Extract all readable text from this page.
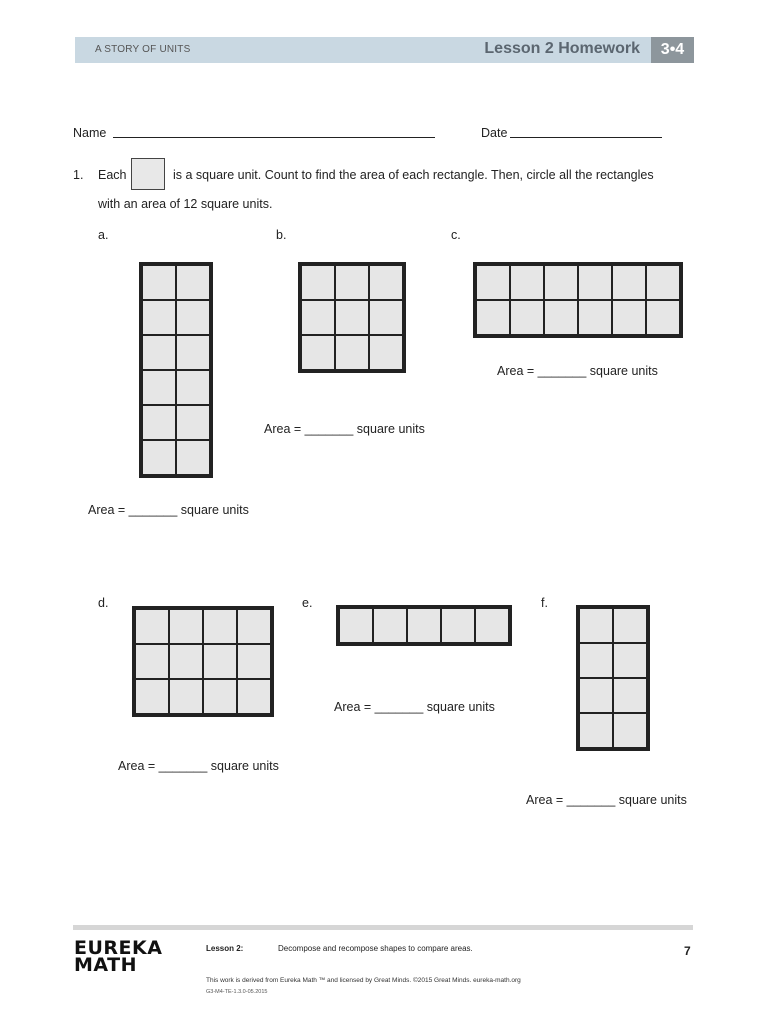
A STORY OF UNITS	Lesson 2 Homework	3•4
Name	Date
1. Each	is a square unit. Count to find the area of each rectangle. Then, circle all the rectangles
with an area of 12 square units.
a.	b.	c.
d.	e.	f.
Area = _______ square units
Area = _______ square units
Area = _______ square units
Area = _______ square units
Area = _______ square units
Area = _______ square units
EUREKA
MATH
Lesson 2:	Decompose and recompose shapes to compare areas.	7
This work is derived from Eureka Math ™ and licensed by Great Minds. ©2015 Great Minds. eureka-math.org
G3-M4-TE-1.3.0-05.2015
